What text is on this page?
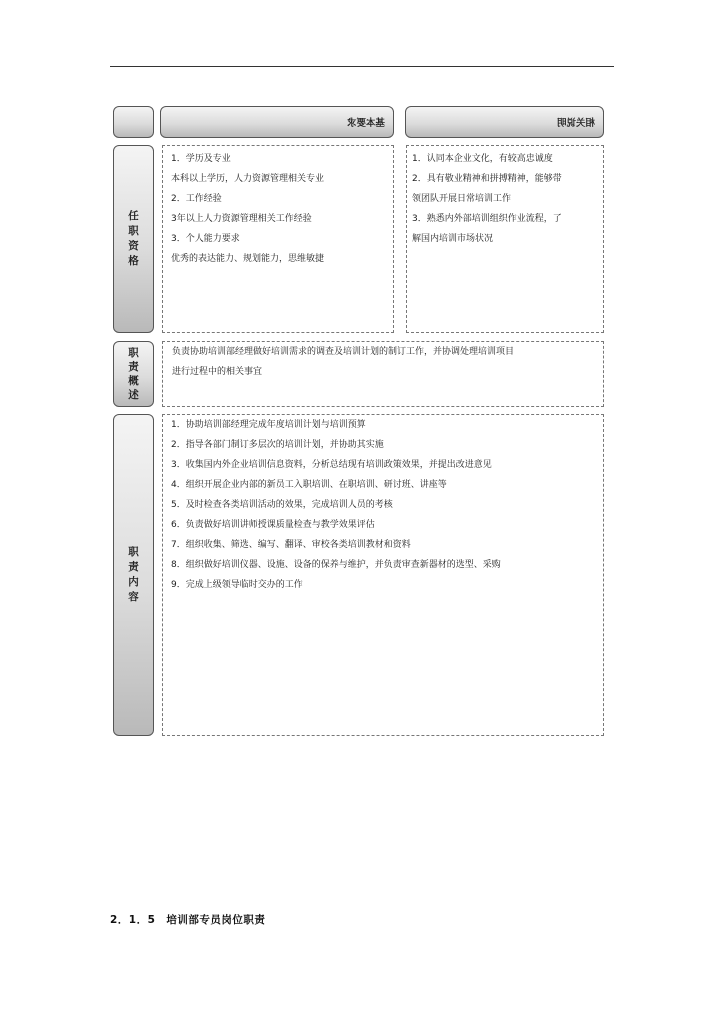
基本要求	相关说明
任
职
资
格
1．学历及专业
本科以上学历，人力资源管理相关专业
2．工作经验
3年以上人力资源管理相关工作经验
3．个人能力要求
优秀的表达能力、规划能力，思维敏捷
1．认同本企业文化，有较高忠诚度
2．具有敬业精神和拼搏精神，能够带
领团队开展日常培训工作
3．熟悉内外部培训组织作业流程，了
解国内培训市场状况
职
责
概
述
负责协助培训部经理做好培训需求的调查及培训计划的制订工作，并协调处理培训项目
进行过程中的相关事宜
职
责
内
容
1．协助培训部经理完成年度培训计划与培训预算
2．指导各部门制订多层次的培训计划，并协助其实施
3．收集国内外企业培训信息资料，分析总结现有培训政策效果，并提出改进意见
4．组织开展企业内部的新员工入职培训、在职培训、研讨班、讲座等
5．及时检查各类培训活动的效果，完成培训人员的考核
6．负责做好培训讲师授课质量检查与教学效果评估
7．组织收集、筛选、编写、翻译、审校各类培训教材和资料
8．组织做好培训仪器、设施、设备的保养与维护，并负责审查新器材的选型、采购
9．完成上级领导临时交办的工作
2．1．5　培训部专员岗位职责
